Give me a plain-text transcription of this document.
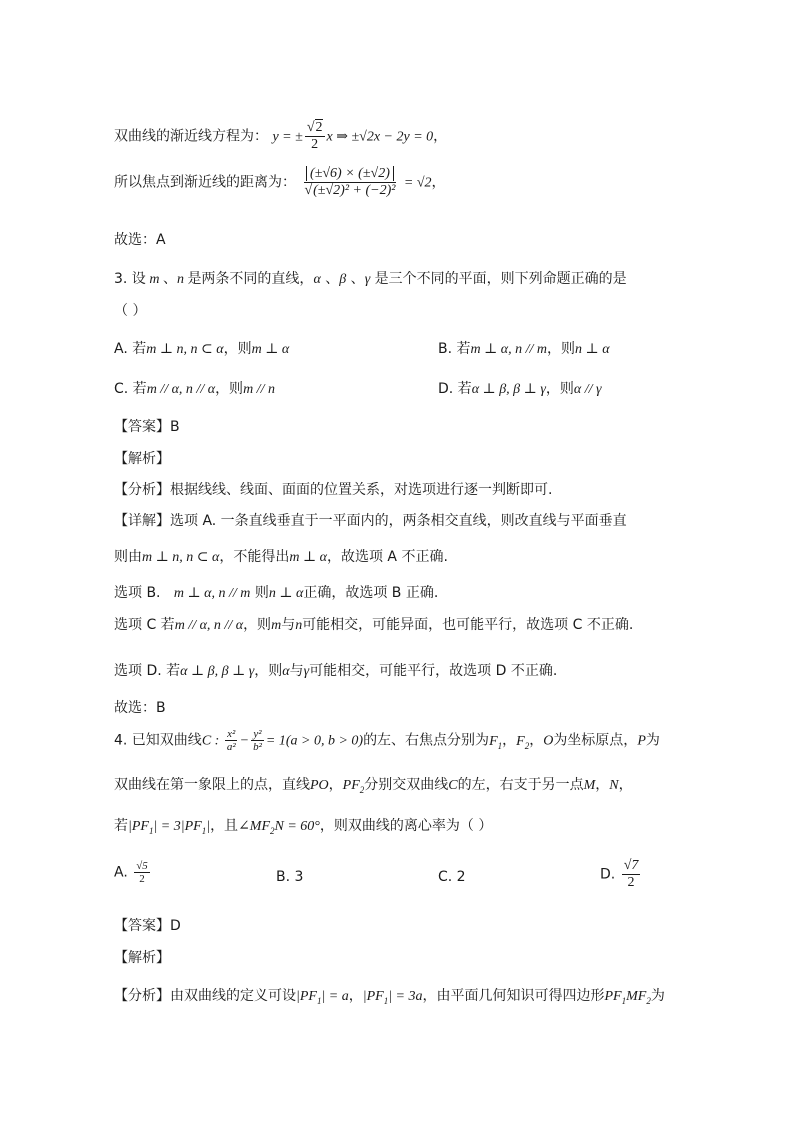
双曲线的渐近线方程为： y = ± $\frac{√2}{2}$ x ⇒ ±√2x − 2y = 0，
所以焦点到渐近线的距离为： $\frac{(\pm√6) \times (\pm√2)}{\text{√(±√2)² + (−2)²}} = √2$，
故选：A
3. 设 m 、n 是两条不同的直线，α 、β 、γ 是三个不同的平面，则下列命题正确的是
（ ）
A. 若m ⊥ n, n ⊂ α，则m ⊥ α	B. 若m ⊥ α, n // m，则n ⊥ α
C. 若m // α, n // α，则m // n	D. 若α ⊥ β, β ⊥ γ，则α // γ
【答案】B
【解析】
【分析】根据线线、线面、面面的位置关系，对选项进行逐一判断即可.
【详解】选项 A. 一条直线垂直于一平面内的，两条相交直线，则改直线与平面垂直
则由m ⊥ n, n ⊂ α，不能得出m ⊥ α，故选项 A 不正确.
选项 B. m ⊥ α, n // m 则n ⊥ α正确，故选项 B 正确.
选项 C 若m // α, n // α，则m与n可能相交，可能异面，也可能平行，故选项 C 不正确.
选项 D. 若α ⊥ β, β ⊥ γ，则α与γ可能相交，可能平行，故选项 D 不正确.
故选：B
4. 已知双曲线C : $\frac{\text{x²}}{\text{a²}} - \frac{\text{y²}}{\text{b²}} = 1(a > 0$, b > 0)的左、右焦点分别为$F_1$，$F_2$，O为坐标原点，P为
双曲线在第一象限上的点，直线PO，$PF_2$分别交双曲线C的左，右支于另一点M，N，
若$|PF_1| = 3|PF_1|$，且$\angle MF_2N = 60^\circ$，则双曲线的离心率为（ ）
A. $\frac{√5}{2}$	B. 3	C. 2	D. $\frac{√7}{2}$
【答案】D
【解析】
【分析】由双曲线的定义可设$|PF_1| = a$，$|PF_1| = 3a$，由平面几何知识可得四边形$PF_1MF_2$为
